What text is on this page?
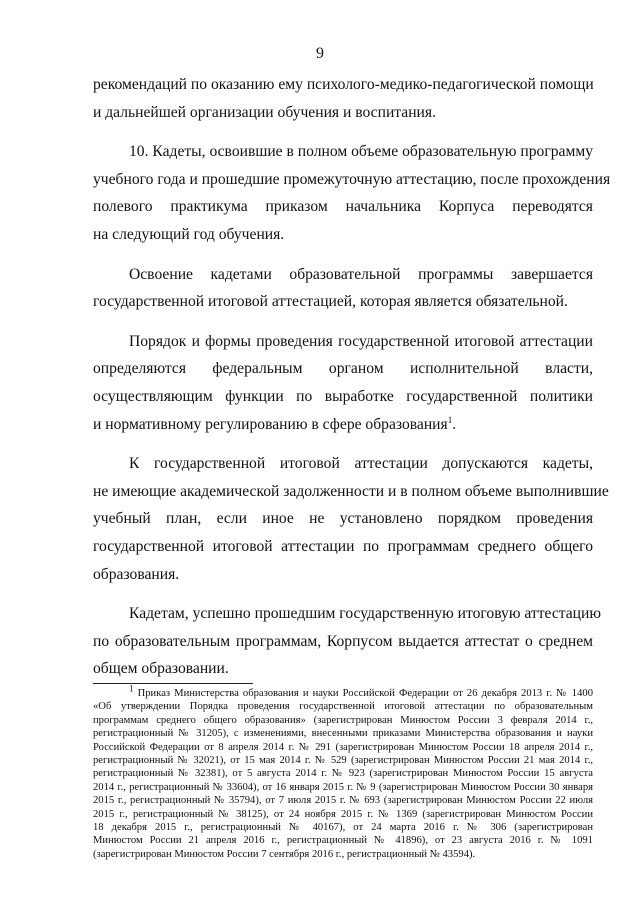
9

рекомендаций по оказанию ему психолого-медико-педагогической помощи
и дальнейшей организации обучения и воспитания.

10. Кадеты, освоившие в полном объеме образовательную программу
учебного года и прошедшие промежуточную аттестацию, после прохождения
полевого практикума приказом начальника Корпуса переводятся
на следующий год обучения.

Освоение кадетами образовательной программы завершается
государственной итоговой аттестацией, которая является обязательной.

Порядок и формы проведения государственной итоговой аттестации
определяются федеральным органом исполнительной власти,
осуществляющим функции по выработке государственной политики
и нормативному регулированию в сфере образования$^1$.

К государственной итоговой аттестации допускаются кадеты,
не имеющие академической задолженности и в полном объеме выполнившие
учебный план, если иное не установлено порядком проведения
государственной итоговой аттестации по программам среднего общего
образования.

Кадетам, успешно прошедшим государственную итоговую аттестацию
по образовательным программам, Корпусом выдается аттестат о среднем
общем образовании.

$^1$ Приказ Министерства образования и науки Российской Федерации от 26 декабря 2013 г. № 1400
«Об утверждении Порядка проведения государственной итоговой аттестации по образовательным
программам среднего общего образования» (зарегистрирован Минюстом России 3 февраля 2014 г.,
регистрационный № 31205), с изменениями, внесенными приказами Министерства образования и науки
Российской Федерации от 8 апреля 2014 г. № 291 (зарегистрирован Минюстом России 18 апреля 2014 г.,
регистрационный № 32021), от 15 мая 2014 г. № 529 (зарегистрирован Минюстом России 21 мая 2014 г.,
регистрационный № 32381), от 5 августа 2014 г. № 923 (зарегистрирован Минюстом России 15 августа
2014 г., регистрационный № 33604), от 16 января 2015 г. № 9 (зарегистрирован Минюстом России 30 января
2015 г., регистрационный № 35794), от 7 июля 2015 г. № 693 (зарегистрирован Минюстом России 22 июля
2015 г., регистрационный № 38125), от 24 ноября 2015 г. № 1369 (зарегистрирован Минюстом России
18 декабря 2015 г., регистрационный № 40167), от 24 марта 2016 г. № 306 (зарегистрирован
Минюстом России 21 апреля 2016 г., регистрационный № 41896), от 23 августа 2016 г. № 1091
(зарегистрирован Минюстом России 7 сентября 2016 г., регистрационный № 43594).
